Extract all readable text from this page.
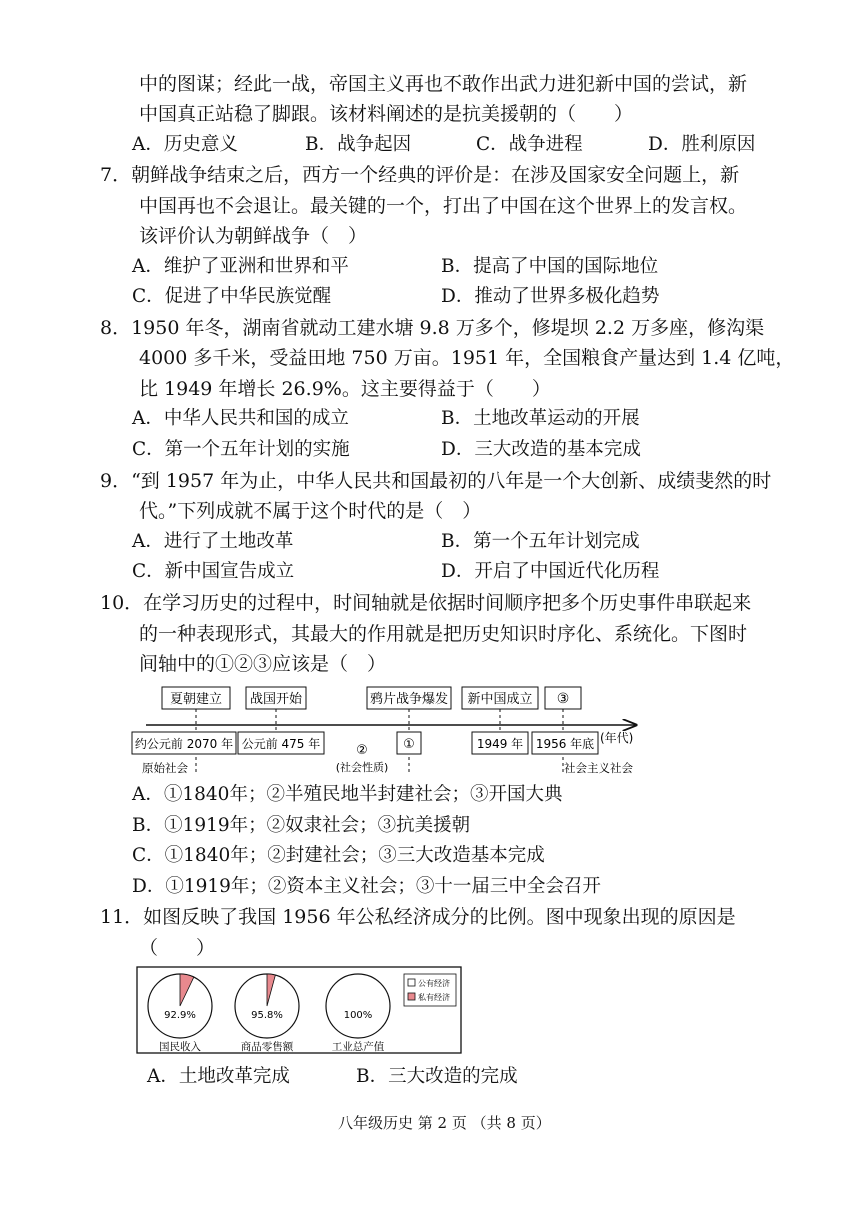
中的图谋；经此一战，帝国主义再也不敢作出武力进犯新中国的尝试，新
中国真正站稳了脚跟。该材料阐述的是抗美援朝的（　　）
A．历史意义	B．战争起因	C．战争进程	D．胜利原因
7．朝鲜战争结束之后，西方一个经典的评价是：在涉及国家安全问题上，新
中国再也不会退让。最关键的一个，打出了中国在这个世界上的发言权。
该评价认为朝鲜战争（　）
A．维护了亚洲和世界和平	B．提高了中国的国际地位
C．促进了中华民族觉醒	D．推动了世界多极化趋势
8．1950 年冬，湖南省就动工建水塘 9.8 万多个，修堤坝 2.2 万多座，修沟渠
4000 多千米，受益田地 750 万亩。1951 年，全国粮食产量达到 1.4 亿吨，
比 1949 年增长 26.9%。这主要得益于（　　）
A．中华人民共和国的成立	B．土地改革运动的开展
C．第一个五年计划的实施	D．三大改造的基本完成
9．“到 1957 年为止，中华人民共和国最初的八年是一个大创新、成绩斐然的时
代。”下列成就不属于这个时代的是（　）
A．进行了土地改革	B．第一个五年计划完成
C．新中国宣告成立	D．开启了中国近代化历程
10．在学习历史的过程中，时间轴就是依据时间顺序把多个历史事件串联起来
的一种表现形式，其最大的作用就是把历史知识时序化、系统化。下图时
间轴中的①②③应该是（　）
夏朝建立 战国开始	鸦片战争爆发 新中国成立 ③
约公元前 2070 年 公元前 475 年	①	1949 年 1956 年底 (年代)
②
(社会性质)
原始社会	社会主义社会
A．①1840年；②半殖民地半封建社会；③开国大典
B．①1919年；②奴隶社会；③抗美援朝
C．①1840年；②封建社会；③三大改造基本完成
D．①1919年；②资本主义社会；③十一届三中全会召开
11．如图反映了我国 1956 年公私经济成分的比例。图中现象出现的原因是
（　　）
92.9%
国民收入
95.8%
商品零售额
100%
工业总产值
公有经济
私有经济
A．土地改革完成	B．三大改造的完成
八年级历史 第 2 页 （共 8 页）
